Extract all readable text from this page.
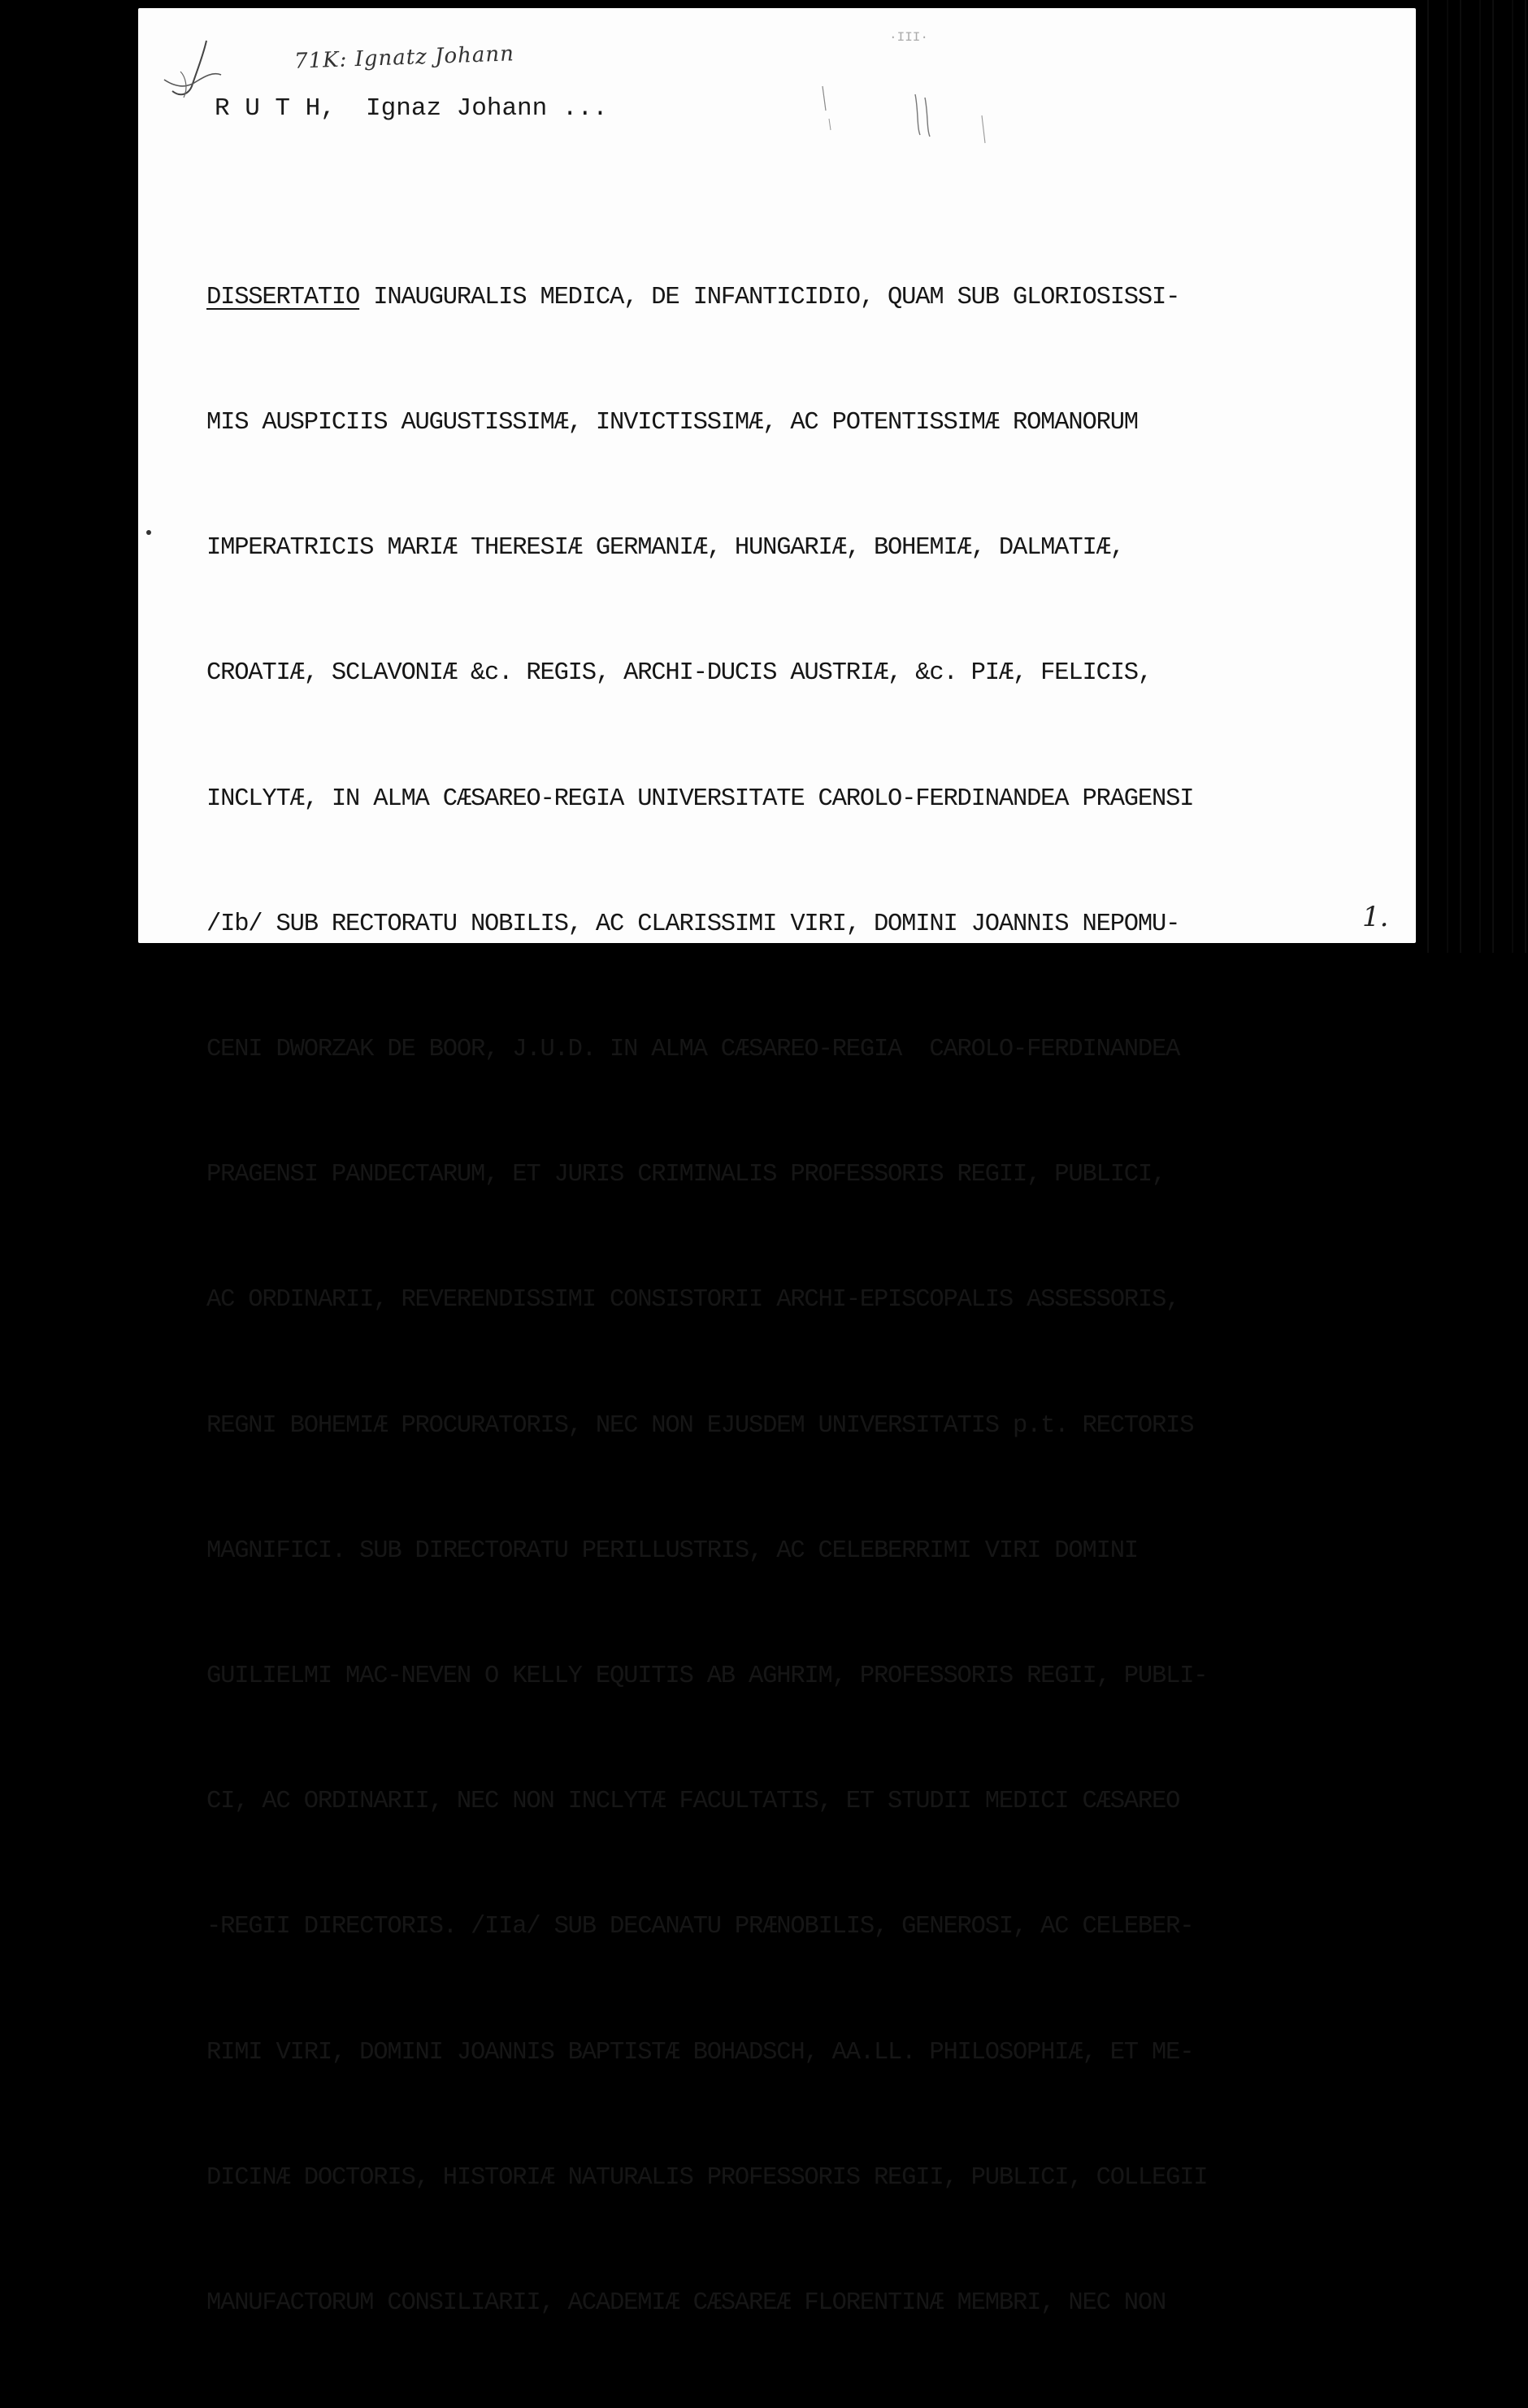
71K: Ignatz Johann
R U T H,  Ignaz Johann ...

DISSERTATIO INAUGURALIS MEDICA, DE INFANTICIDIO, QUAM SUB GLORIOSISSI-

MIS AUSPICIIS AUGUSTISSIMÆ, INVICTISSIMÆ, AC POTENTISSIMÆ ROMANORUM

IMPERATRICIS MARIÆ THERESIÆ GERMANIÆ, HUNGARIÆ, BOHEMIÆ, DALMATIÆ,

CROATIÆ, SCLAVONIÆ &c. REGIS, ARCHI-DUCIS AUSTRIÆ, &c. PIÆ, FELICIS,

INCLYTÆ, IN ALMA CÆSAREO-REGIA UNIVERSITATE CAROLO-FERDINANDEA PRAGENSI

/Ib/ SUB RECTORATU NOBILIS, AC CLARISSIMI VIRI, DOMINI JOANNIS NEPOMU-

CENI DWORZAK DE BOOR, J.U.D. IN ALMA CÆSAREO-REGIA  CAROLO-FERDINANDEA

PRAGENSI PANDECTARUM, ET JURIS CRIMINALIS PROFESSORIS REGII, PUBLICI,

AC ORDINARII, REVERENDISSIMI CONSISTORII ARCHI-EPISCOPALIS ASSESSORIS,

REGNI BOHEMIÆ PROCURATORIS, NEC NON EJUSDEM UNIVERSITATIS p.t. RECTORIS

MAGNIFICI. SUB DIRECTORATU PERILLUSTRIS, AC CELEBERRIMI VIRI DOMINI

GUILIELMI MAC-NEVEN O KELLY EQUITIS AB AGHRIM, PROFESSORIS REGII, PUBLI-

CI, AC ORDINARII, NEC NON INCLYTÆ FACULTATIS, ET STUDII MEDICI CÆSAREO

-REGII DIRECTORIS. /IIa/ SUB DECANATU PRÆNOBILIS, GENEROSI, AC CELEBER-

RIMI VIRI, DOMINI JOANNIS BAPTISTÆ BOHADSCH, AA.LL. PHILOSOPHIÆ, ET ME-

DICINÆ DOCTORIS, HISTORIÆ NATURALIS PROFESSORIS REGII, PUBLICI, COLLEGII

MANUFACTORUM CONSILIARII, ACADEMIÆ CÆSAREÆ FLORENTINÆ MEMBRI, NEC NON

·III·
1.
